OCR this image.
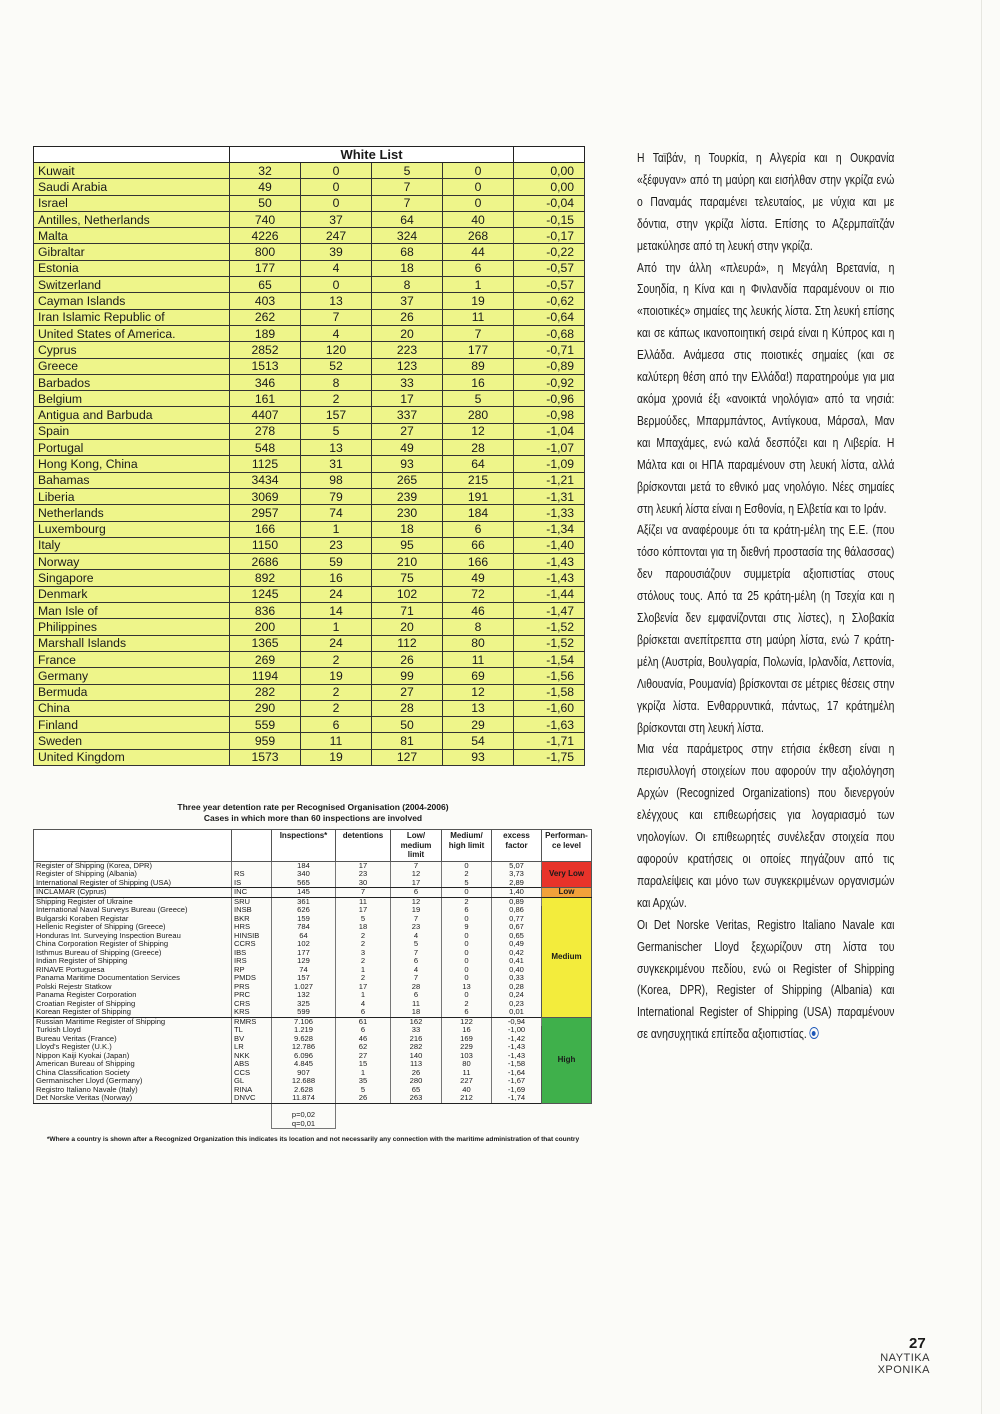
	White List				
Kuwait	32	0	5	0	0,00
Saudi Arabia	49	0	7	0	0,00
Israel	50	0	7	0	-0,04
Antilles, Netherlands	740	37	64	40	-0,15
Malta	4226	247	324	268	-0,17
Gibraltar	800	39	68	44	-0,22
Estonia	177	4	18	6	-0,57
Switzerland	65	0	8	1	-0,57
Cayman Islands	403	13	37	19	-0,62
Iran Islamic Republic of	262	7	26	11	-0,64
United States of America.	189	4	20	7	-0,68
Cyprus	2852	120	223	177	-0,71
Greece	1513	52	123	89	-0,89
Barbados	346	8	33	16	-0,92
Belgium	161	2	17	5	-0,96
Antigua and Barbuda	4407	157	337	280	-0,98
Spain	278	5	27	12	-1,04
Portugal	548	13	49	28	-1,07
Hong Kong, China	1125	31	93	64	-1,09
Bahamas	3434	98	265	215	-1,21
Liberia	3069	79	239	191	-1,31
Netherlands	2957	74	230	184	-1,33
Luxembourg	166	1	18	6	-1,34
Italy	1150	23	95	66	-1,40
Norway	2686	59	210	166	-1,43
Singapore	892	16	75	49	-1,43
Denmark	1245	24	102	72	-1,44
Man Isle of	836	14	71	46	-1,47
Philippines	200	1	20	8	-1,52
Marshall Islands	1365	24	112	80	-1,52
France	269	2	26	11	-1,54
Germany	1194	19	99	69	-1,56
Bermuda	282	2	27	12	-1,58
China	290	2	28	13	-1,60
Finland	559	6	50	29	-1,63
Sweden	959	11	81	54	-1,71
United Kingdom	1573	19	127	93	-1,75

Three year detention rate per Recognised Organisation (2004-2006)
Cases in which more than 60 inspections are involved

		Inspections*	detentions	Low/ medium limit	Medium/ high limit	excess factor	Performan-ce level
Register of Shipping (Korea, DPR)		184	17	7	0	5,07	Very Low
Register of Shipping (Albania)	RS	340	23	12	2	3,73	
International Register of Shipping (USA)	IS	565	30	17	5	2,89	
INCLAMAR (Cyprus)	INC	145	7	6	0	1,40	Low
Shipping Register of Ukraine	SRU	361	11	12	2	0,89	Medium
International Naval Surveys Bureau (Greece)	INSB	626	17	19	6	0,86	
Bulgarski Koraben Registar	BKR	159	5	7	0	0,77	
Hellenic Register of Shipping (Greece)	HRS	784	18	23	9	0,67	
Honduras Int. Surveying Inspection Bureau	HINSIB	64	2	4	0	0,65	
China Corporation Register of Shipping	CCRS	102	2	5	0	0,49	
Isthmus Bureau of Shipping (Greece)	IBS	177	3	7	0	0,42	
Indian Register of Shipping	IRS	129	2	6	0	0,41	
RINAVE Portuguesa	RP	74	1	4	0	0,40	
Panama Maritime Documentation Services	PMDS	157	2	7	0	0,33	
Polski Rejestr Statkow	PRS	1.027	17	28	13	0,28	
Panama Register Corporation	PRC	132	1	6	0	0,24	
Croatian Register of Shipping	CRS	325	4	11	2	0,23	
Korean Register of Shipping	KRS	599	6	18	6	0,01	
Russian Maritime Register of Shipping	RMRS	7.106	61	162	122	-0,94	High
Turkish Lloyd	TL	1.219	6	33	16	-1,00	
Bureau Veritas (France)	BV	9.628	46	216	169	-1,42	
Lloyd's Register (U.K.)	LR	12.786	62	282	229	-1,43	
Nippon Kaiji Kyokai (Japan)	NKK	6.096	27	140	103	-1,43	
American Bureau of Shipping	ABS	4.845	15	113	80	-1,58	
China Classification Society	CCS	907	1	26	11	-1,64	
Germanischer Lloyd (Germany)	GL	12.688	35	280	227	-1,67	
Registro Italiano Navale (Italy)	RINA	2.628	5	65	40	-1,69	
Det Norske Veritas (Norway)	DNVC	11.874	26	263	212	-1,74	

		p=0,02
q=0,01					

*Where a country is shown after a Recognized Organization this indicates its location and not necessarily any connection with the maritime administration of that country

Η Ταϊβάν, η Τουρκία, η Αλγερία και η Ουκρανία «ξέφυγαν» από τη μαύρη και εισήλθαν στην γκρίζα ενώ ο Παναμάς παραμένει τελευταίος, με νύχια και με δόντια, στην γκρίζα λίστα. Επίσης το Αζερμπαϊτζάν μετακύλησε από τη λευκή στην γκρίζα.

Από την άλλη «πλευρά», η Μεγάλη Βρετανία, η Σουηδία, η Κίνα και η Φινλανδία παραμένουν οι πιο «ποιοτικές» σημαίες της λευκής λίστα. Στη λευκή επίσης και σε κάπως ικανοποιητική σειρά είναι η Κύπρος και η Ελλάδα. Ανάμεσα στις ποιοτικές σημαίες (και σε καλύτερη θέση από την Ελλάδα!) παρατηρούμε για μια ακόμα χρονιά έξι «ανοικτά νηολόγια» από τα νησιά: Βερμούδες, Μπαρμπάντος, Αντίγκουα, Μάρσαλ, Μαν και Μπαχάμες, ενώ καλά δεσπόζει και η Λιβερία. Η Μάλτα και οι ΗΠΑ παραμένουν στη λευκή λίστα, αλλά βρίσκονται μετά το εθνικό μας νηολόγιο. Νέες σημαίες στη λευκή λίστα είναι η Εσθονία, η Ελβετία και το Ιράν.

Αξίζει να αναφέρουμε ότι τα κράτη-μέλη της Ε.Ε. (που τόσο κόπτονται για τη διεθνή προστασία της θάλασσας) δεν παρουσιάζουν συμμετρία αξιοπιστίας στους στόλους τους. Από τα 25 κράτη-μέλη (η Τσεχία και η Σλοβενία δεν εμφανίζονται στις λίστες), η Σλοβακία βρίσκεται ανεπίτρεπτα στη μαύρη λίστα, ενώ 7 κράτη-μέλη (Αυστρία, Βουλγαρία, Πολωνία, Ιρλανδία, Λεττονία, Λιθουανία, Ρουμανία) βρίσκονται σε μέτριες θέσεις στην γκρίζα λίστα. Ενθαρρυντικά, πάντως, 17 κράτημέλη βρίσκονται στη λευκή λίστα.

Μια νέα παράμετρος στην ετήσια έκθεση είναι η περισυλλογή στοιχείων που αφορούν την αξιολόγηση Αρχών (Recognized Organizations) που διενεργούν ελέγχους και επιθεωρήσεις για λογαριασμό των νηολογίων. Οι επιθεωρητές συνέλεξαν στοιχεία που αφορούν κρατήσεις οι οποίες πηγάζουν από τις παραλείψεις και μόνο των συγκεκριμένων οργανισμών και Αρχών.

Οι Det Norske Veritas, Registro Italiano Navale και Germanischer Lloyd ξεχωρίζουν στη λίστα του συγκεκριμένου πεδίου, ενώ οι Register of Shipping (Korea, DPR), Register of Shipping (Albania) και International Register of Shipping (USA) παραμένουν σε ανησυχητικά επίπεδα αξιοπιστίας.

27
ΝΑΥΤΙΚΑ
ΧΡΟΝΙΚΑ
